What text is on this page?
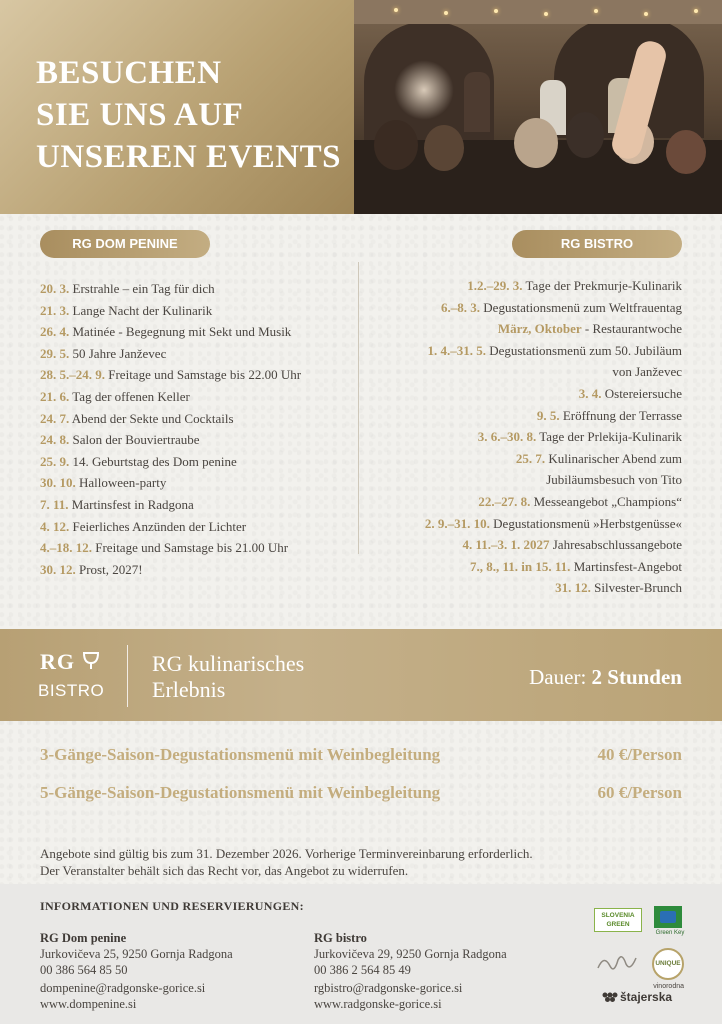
BESUCHEN
SIE UNS AUF
UNSEREN EVENTS
RG DOM PENINE	RG BISTRO
20. 3. Erstrahle – ein Tag für dich
21. 3. Lange Nacht der Kulinarik
26. 4. Matinée - Begegnung mit Sekt und Musik
29. 5. 50 Jahre Janževec
28. 5.–24. 9. Freitage und Samstage bis 22.00 Uhr
21. 6. Tag der offenen Keller
24. 7. Abend der Sekte und Cocktails
24. 8. Salon der Bouviertraube
25. 9. 14. Geburtstag des Dom penine
30. 10. Halloween-party
7. 11. Martinsfest in Radgona
4. 12. Feierliches Anzünden der Lichter
4.–18. 12. Freitage und Samstage bis 21.00 Uhr
30. 12. Prost, 2027!
1.2.–29. 3. Tage der Prekmurje-Kulinarik
6.–8. 3. Degustationsmenü zum Weltfrauentag
März, Oktober - Restaurantwoche
1. 4.–31. 5. Degustationsmenü zum 50. Jubiläum
von Janževec
3. 4. Ostereiersuche
9. 5. Eröffnung der Terrasse
3. 6.–30. 8. Tage der Prlekija-Kulinarik
25. 7. Kulinarischer Abend zum
Jubiläumsbesuch von Tito
22.–27. 8. Messeangebot „Champions“
2. 9.–31. 10. Degustationsmenü »Herbstgenüsse«
4. 11.–3. 1. 2027 Jahresabschlussangebote
7., 8., 11. in 15. 11. Martinsfest-Angebot
31. 12. Silvester-Brunch
RG
BISTRO
RG kulinarisches
Erlebnis	Dauer: 2 Stunden
3-Gänge-Saison-Degustationsmenü mit Weinbegleitung	40 €/Person
5-Gänge-Saison-Degustationsmenü mit Weinbegleitung	60 €/Person
Angebote sind gültig bis zum 31. Dezember 2026. Vorherige Terminvereinbarung erforderlich.
Der Veranstalter behält sich das Recht vor, das Angebot zu widerrufen.
INFORMATIONEN UND RESERVIERUNGEN:
RG Dom penine
Jurkovičeva 25, 9250 Gornja Radgona
00 386 564 85 50
dompenine@radgonske-gorice.si
www.dompenine.si
RG bistro
Jurkovičeva 29, 9250 Gornja Radgona
00 386 2 564 85 49
rgbistro@radgonske-gorice.si
www.radgonske-gorice.si
SLOVENIA
GREEN
Green Key
UNIQUE
vinorodna
štajerska
